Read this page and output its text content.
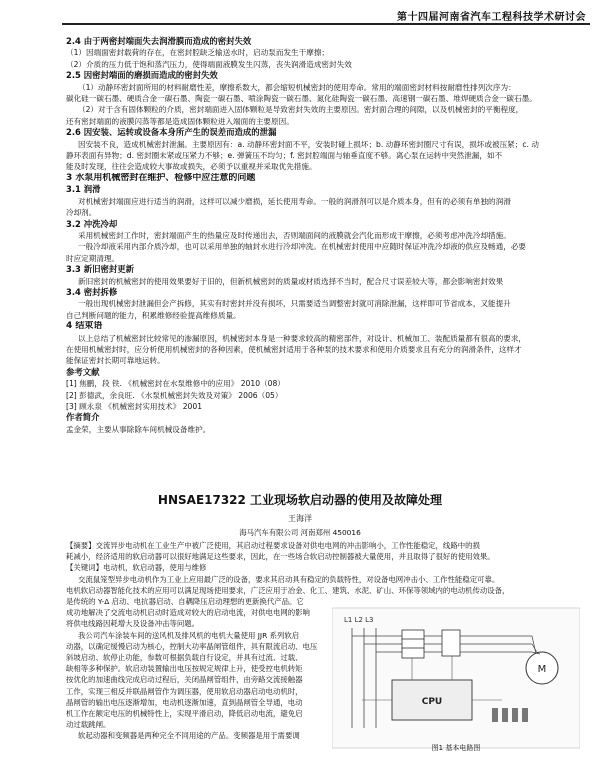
第十四届河南省汽车工程科技学术研讨会

2.4 由于两密封端面失去润滑膜而造成的密封失效

（1）因端面密封载荷的存在，在密封腔缺乏输送水时，启动泵而发生干摩擦；

（2）介质的压力低于饱和蒸汽压力，使得端面液膜发生闪蒸，丧失润滑造成密封失效

2.5 因密封端面的磨损而造成的密封失效

（1）动静环密封面所用的材料耐磨性差，摩擦系数大，都会缩短机械密封的使用寿命。常用的端面密封材料按耐磨性排列次序为：

碳化硅一碳石墨、硬质合金一碳石墨、陶瓷一碳石墨、喷涂陶瓷一碳石墨、氮化硅陶瓷一碳石墨、高速钢一碳石墨、堆焊硬质合金一碳石墨。

（2）对于含有固体颗粒的介质，密封端面进入固体颗粒是导致密封失效的主要原因。密封面合理的间隙，以及机械密封的平衡程度，

还有密封端面的液膜闪蒸等都是造成固体颗粒进入端面的主要原因。

2.6 因安装、运转或设备本身所产生的误差而造成的泄漏

因安装不良，造成机械密封泄漏。主要原因有：a. 动静环密封面不平，安装时碰上损坏；b. 动静环密封圈尺寸有误，损坏或被压紧；c. 动

静环表面有异物；d. 密封圈未紧或压紧力不够；e. 弹簧压不均匀；f. 密封腔端面与轴垂直度不够。离心泵在运转中突然泄漏，如不

能及时发现，往往会造成较大事故或损失，必须予以重视并采取优先措施。

3 水泵用机械密封在维护、检修中应注意的问题

3.1 润滑

对机械密封端面应进行适当的润滑，这样可以减少磨损，延长使用寿命。一般的润滑剂可以是介质本身，但有的必须有单独的润滑

冷却剂。

3.2 冲洗冷却

采用机械密封工作时，密封端面产生的热量应及时传递出去，否则端面间的液膜就会汽化而形成干摩擦，必须考虑冲洗冷却措施。

一般冷却液采用内部介质冷却，也可以采用单独的轴封水进行冷却冲洗。在机械密封使用中应随时保证冲洗冷却液的供应及畅通，必要

时应定期清理。

3.3 新旧密封更新

新旧密封的机械密封的使用效果要好于旧的，但新机械密封的质量或材质选择不当时，配合尺寸误差较大等，都会影响密封效果

3.4 密封拆修

一般出现机械密封泄漏但会产拆修，其实有时密封并没有损坏，只需要适当调整密封就可消除泄漏，这样即可节省成本，又能提升

自己判断问题的能力，积累维修经验提高维修质量。

4 结束语

以上总结了机械密封比较常见的渗漏原因，机械密封本身是一种要求较高的精密部件，对设计、机械加工、装配质量都有很高的要求，

在使用机械密封时，应分析使用机械密封的各种因素，使机械密封适用于各种泵的技术要求和使用介质要求且有充分的润滑条件，这样才

能保证密封长期可靠地运转。

参考文献

[1] 焦鹏，段 铁. 《机械密封在水泵维修中的应用》 2010（08）

[2] 彭德武，余良旺. 《水泵机械密封失效及对策》 2006（05）

[3] 顾永泉 《机械密封实用技术》 2001

作者简介

孟金荣，主要从事除除车间机械设备维护。

HNSAE17322 工业现场软启动器的使用及故障处理
王海洋
海马汽车有限公司 河南郑州 450016

【摘要】交流异步电动机在工业生产中被广泛使用，其启动过程要求设备对供电电网的冲击影响小，工作性能稳定，线路中的损

耗减小，经济适用的软启动器可以很好地满足这些要求，因此，在一些场合软启动控制器被大量使用，并且取得了很好的使用效果。

【关键词】电动机，软启动器，使用与维修

交流鼠笼型异步电动机作为工业上应用最广泛的设备，要求其启动具有稳定的负载特性，对设备电网冲击小、工作性能稳定可靠。

电机软启动器智能化技术的应用可以满足现场使用要求，广泛应用于冶金、化工、建筑、水泥、矿山、环保等领域内的电动机传动设备，

是传统的 Y-Δ 启动、电抗器启动、自耦降压启动理想的更新换代产品。它

成功地解决了交流电动机启动时造成对较大的启动电流，对供电电网的影响

将供电线路因耗增大及设备冲击等问题。

我公司汽车涂装车间的送风机及排风机的电机大量使用 JJR 系列软启

动器，以确定缓慢启动为核心，控制大功率晶闸管组件，具有限流启动、电压

斜坡启动、软停止功能，参数可根据负载自行设定，并具有过流、过载、

缺相等多种保护。软启动装置输出电压按规定规律上升，使受控电机转矩

按优化的加速曲线完成启动过程后，关闭晶闸管组件，由旁路交流接触器

工作，实现三相反并联晶闸管作为调压器，使用软启动器启动电动机时，

晶闸管的输出电压逐渐增加，电动机逐渐加速，直到晶闸管全导通，电动

机工作在额定电压的机械特性上，实现平滑启动，降低启动电流，避免启

动过载跳闸。

软起动器和变频器是两种完全不同用途的产品。变频器是用于需要调

L1 L2 L3
CPU
M
图1 基本电路图
